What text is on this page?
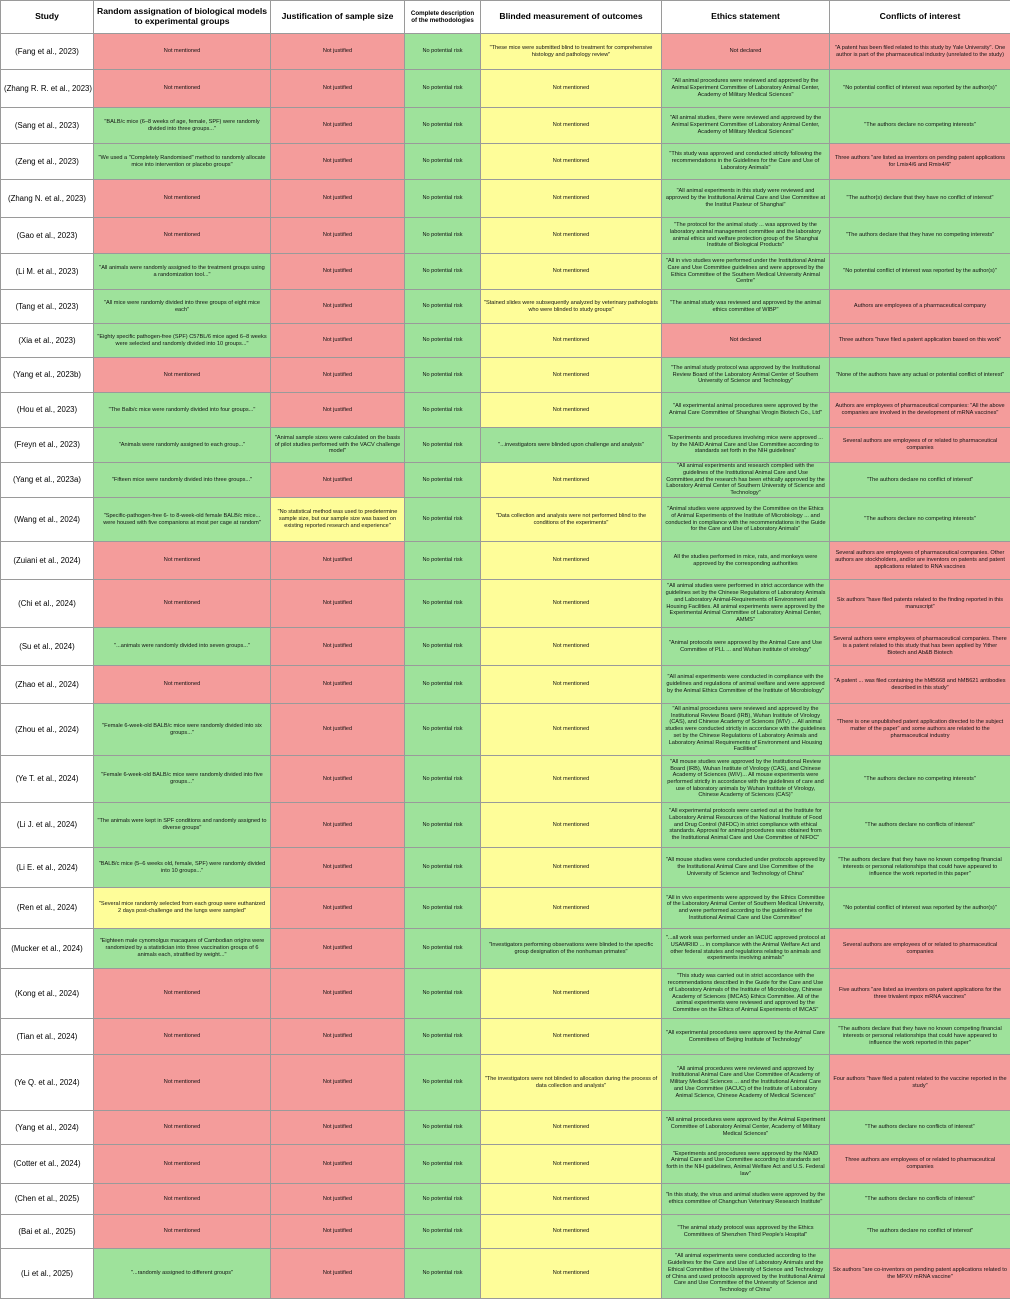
Study	Random assignation of biological models to experimental groups	Justification of sample size	Complete description of the methodologies	Blinded measurement of outcomes	Ethics statement	Conflicts of interest
(Fang et al., 2023)	Not mentioned	Not justified	No potential risk	"These mice were submitted blind to treatment for comprehensive histology and pathology review"	Not declared	"A patent has been filed related to this study by Yale University". One author is part of the pharmaceutical industry (unrelated to the study)
(Zhang R. R. et al., 2023)	Not mentioned	Not justified	No potential risk	Not mentioned	"All animal procedures were reviewed and approved by the Animal Experiment Committee of Laboratory Animal Center, Academy of Military Medical Sciences"	"No potential conflict of interest was reported by the author(s)"
(Sang et al., 2023)	"BALB/c mice (6–8 weeks of age, female, SPF) were randomly divided into three groups..."	Not justified	No potential risk	Not mentioned	"All animal studies, there were reviewed and approved by the Animal Experiment Committee of Laboratory Animal Center, Academy of Military Medical Sciences"	"The authors declare no competing interests"
(Zeng et al., 2023)	"We used a "Completely Randomised" method to randomly allocate mice into intervention or placebo groups"	Not justified	No potential risk	Not mentioned	"This study was approved and conducted strictly following the recommendations in the Guidelines for the Care and Use of Laboratory Animals"	Three authors "are listed as inventors on pending patent applications for Lmix4/6 and Rmix4/6"
(Zhang N. et al., 2023)	Not mentioned	Not justified	No potential risk	Not mentioned	"All animal experiments in this study were reviewed and approved by the Institutional Animal Care and Use Committee at the Institut Pasteur of Shanghai"	"The author(s) declare that they have no conflict of interest"
(Gao et al., 2023)	Not mentioned	Not justified	No potential risk	Not mentioned	"The protocol for the animal study ... was approved by the laboratory animal management committee and the laboratory animal ethics and welfare protection group of the Shanghai Institute of Biological Products"	"The authors declare that they have no competing interests"
(Li M. et al., 2023)	"All animals were randomly assigned to the treatment groups using a randomization tool..."	Not justified	No potential risk	Not mentioned	"All in vivo studies were performed under the Institutional Animal Care and Use Committee guidelines and were approved by the Ethics Committee of the Southern Medical University Animal Centre"	"No potential conflict of interest was reported by the author(s)"
(Tang et al., 2023)	"All mice were randomly divided into three groups of eight mice each"	Not justified	No potential risk	"Stained slides were subsequently analyzed by veterinary pathologists who were blinded to study groups"	"The animal study was reviewed and approved by the animal ethics committee of WIBP"	Authors are employees of a pharmaceutical company
(Xia et al., 2023)	"Eighty specific pathogen-free (SPF) C57BL/6 mice aged 6–8 weeks were selected and randomly divided into 10 groups..."	Not justified	No potential risk	Not mentioned	Not declared	Three authors "have filed a patent application based on this work"
(Yang et al., 2023b)	Not mentioned	Not justified	No potential risk	Not mentioned	"The animal study protocol was approved by the Institutional Review Board of the Laboratory Animal Center of Southern University of Science and Technology"	"None of the authors have any actual or potential conflict of interest"
(Hou et al., 2023)	"The Balb/c mice were randomly divided into four groups..."	Not justified	No potential risk	Not mentioned	"All experimental animal procedures were approved by the Animal Care Committee of Shanghai Virogin Biotech Co., Ltd"	Authors are employees of pharmaceutical companies: "All the above companies are involved in the development of mRNA vaccines"
(Freyn et al., 2023)	"Animals were randomly assigned to each group..."	"Animal sample sizes were calculated on the basis of pilot studies performed with the VACV challenge model"	No potential risk	"...investigators were blinded upon challenge and analysis"	"Experiments and procedures involving mice were approved ... by the NIAID Animal Care and Use Committee according to standards set forth in the NIH guidelines"	Several authors are employees of or related to pharmaceutical companies
(Yang et al., 2023a)	"Fifteen mice were randomly divided into three groups..."	Not justified	No potential risk	Not mentioned	"All animal experiments and research complied with the guidelines of the Institutional Animal Care and Use Committee,and the research has been ethically approved by the Laboratory Animal Center of Southern University of Science and Technology"	"The authors declare no conflict of interest"
(Wang et al., 2024)	"Specific-pathogen-free 6- to 8-week-old female BALB/c mice... were housed with five companions at most per cage at random"	"No statistical method was used to predetermine sample size, but our sample size was based on existing reported research and experience"	No potential risk	"Data collection and analysis were not performed blind to the conditions of the experiments"	"Animal studies were approved by the Committee on the Ethics of Animal Experiments of the Institute of Microbiology ... and conducted in compliance with the recommendations in the Guide for the Care and Use of Laboratory Animals"	"The authors declare no competing interests"
(Zuiani et al., 2024)	Not mentioned	Not justified	No potential risk	Not mentioned	All the studies performed in mice, rats, and monkeys were approved by the corresponding authorities	Several authors are employees of pharmaceutical companies. Other authors are stockholders, and/or are inventors on patents and patent applications related to RNA vaccines
(Chi et al., 2024)	Not mentioned	Not justified	No potential risk	Not mentioned	"All animal studies were performed in strict accordance with the guidelines set by the Chinese Regulations of Laboratory Animals and Laboratory Animal-Requirements of Environment and Housing Facilities. All animal experiments were approved by the Experimental Animal Committee of Laboratory Animal Center, AMMS"	Six authors "have filed patents related to the finding reported in this manuscript"
(Su et al., 2024)	"...animals were randomly divided into seven groups..."	Not justified	No potential risk	Not mentioned	"Animal protocols were approved by the Animal Care and Use Committee of PLL ... and Wuhan institute of virology"	Several authors were employees of pharmaceutical companies. There is a patent related to this study that has been applied by Yither Biotech and Ab&B Biotech
(Zhao et al., 2024)	Not mentioned	Not justified	No potential risk	Not mentioned	"All animal experiments were conducted in compliance with the guidelines and regulations of animal welfare and were approved by the Animal Ethics Committee of the Institute of Microbiology"	"A patent ... was filed containing the hMB668 and hMB621 antibodies described in this study"
(Zhou et al., 2024)	"Female 6-week-old BALB/c mice were randomly divided into six groups..."	Not justified	No potential risk	Not mentioned	"All animal procedures were reviewed and approved by the Institutional Review Board (IRB), Wuhan Institute of Virology (CAS), and Chinese Academy of Sciences (WIV) ... All animal studies were conducted strictly in accordance with the guidelines set by the Chinese Regulations of Laboratory Animals and Laboratory Animal Requirements of Environment and Housing Facilities"	"There is one unpublished patent application directed to the subject matter of the paper" and some authors are related to the pharmaceutical industry
(Ye T. et al., 2024)	"Female 6-week-old BALB/c mice were randomly divided into five groups..."	Not justified	No potential risk	Not mentioned	"All mouse studies were approved by the Institutional Review Board (IRB), Wuhan Institute of Virology (CAS), and Chinese Academy of Sciences (WIV)... All mouse experiments were performed strictly in accordance with the guidelines of care and use of laboratory animals by Wuhan Institute of Virology, Chinese Academy of Sciences (CAS)"	"The authors declare no competing interests"
(Li J. et al., 2024)	"The animals were kept in SPF conditions and randomly assigned to diverse groups"	Not justified	No potential risk	Not mentioned	"All experimental protocols were carried out at the Institute for Laboratory Animal Resources of the National Institute of Food and Drug Control (NIFDC) in strict compliance with ethical standards. Approval for animal procedures was obtained from the Institutional Animal Care and Use Committee of NIFDC"	"The authors declare no conflicts of interest"
(Li E. et al., 2024)	"BALB/c mice (5–6 weeks old, female, SPF) were randomly divided into 10 groups..."	Not justified	No potential risk	Not mentioned	"All mouse studies were conducted under protocols approved by the Institutional Animal Care and Use Committee of the University of Science and Technology of China"	"The authors declare that they have no known competing financial interests or personal relationships that could have appeared to influence the work reported in this paper"
(Ren et al., 2024)	"Several mice randomly selected from each group were euthanized 2 days post-challenge and the lungs were sampled"	Not justified	No potential risk	Not mentioned	"All in vivo experiments were approved by the Ethics Committee of the Laboratory Animal Center of Southern Medical University, and were performed according to the guidelines of the Institutional Animal Care and Use Committee"	"No potential conflict of interest was reported by the author(s)"
(Mucker et al., 2024)	"Eighteen male cynomolgus macaques of Cambodian origins were randomized by a statistician into three vaccination groups of 6 animals each, stratified by weight..."	Not justified	No potential risk	"Investigators performing observations were blinded to the specific group designation of the nonhuman primates"	"...all work was performed under an IACUC approved protocol at USAMRIID ... in compliance with the Animal Welfare Act and other federal statutes and regulations relating to animals and experiments involving animals"	Several authors are employees of or related to pharmaceutical companies
(Kong et al., 2024)	Not mentioned	Not justified	No potential risk	Not mentioned	"This study was carried out in strict accordance with the recommendations described in the Guide for the Care and Use of Laboratory Animals of the Institute of Microbiology, Chinese Academy of Sciences (IMCAS) Ethics Committee. All of the animal experiments were reviewed and approved by the Committee on the Ethics of Animal Experiments of IMCAS"	Five authors "are listed as inventors on patent applications for the three trivalent mpox mRNA vaccines"
(Tian et al., 2024)	Not mentioned	Not justified	No potential risk	Not mentioned	"All experimental procedures were approved by the Animal Care Committees of Beijing Institute of Technology"	"The authors declare that they have no known competing financial interests or personal relationships that could have appeared to influence the work reported in this paper"
(Ye Q. et al., 2024)	Not mentioned	Not justified	No potential risk	"The investigators were not blinded to allocation during the process of data collection and analysis"	"All animal procedures were reviewed and approved by Institutional Animal Care and Use Committee of Academy of Military Medical Sciences ... and the Institutional Animal Care and Use Committee (IACUC) of the Institute of Laboratory Animal Science, Chinese Academy of Medical Sciences"	Four authors "have filed a patent related to the vaccine reported in the study"
(Yang et al., 2024)	Not mentioned	Not justified	No potential risk	Not mentioned	"All animal procedures were approved by the Animal Experiment Committee of Laboratory Animal Center, Academy of Military Medical Sciences"	"The authors declare no conflicts of interest"
(Cotter et al., 2024)	Not mentioned	Not justified	No potential risk	Not mentioned	"Experiments and procedures were approved by the NIAID Animal Care and Use Committee according to standards set forth in the NIH guidelines, Animal Welfare Act and U.S. Federal law"	Three authors are employees of or related to pharmaceutical companies
(Chen et al., 2025)	Not mentioned	Not justified	No potential risk	Not mentioned	"In this study, the virus and animal studies were approved by the ethics committee of Changchun Veterinary Research Institute"	"The authors declare no conflicts of interest"
(Bai et al., 2025)	Not mentioned	Not justified	No potential risk	Not mentioned	"The animal study protocol was approved by the Ethics Committees of Shenzhen Third People's Hospital"	"The authors declare no conflict of interest"
(Li et al., 2025)	"...randomly assigned to different groups"	Not justified	No potential risk	Not mentioned	"All animal experiments were conducted according to the Guidelines for the Care and Use of Laboratory Animals and the Ethical Committee of the University of Science and Technology of China and used protocols approved by the Institutional Animal Care and Use Committee of the University of Science and Technology of China"	Six authors "are co-inventors on pending patent applications related to the MPXV mRNA vaccine"
